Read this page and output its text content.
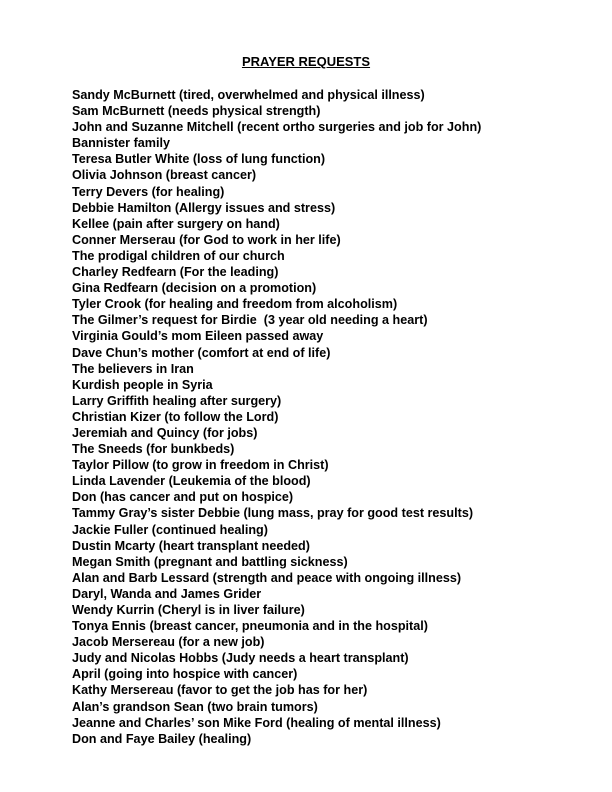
PRAYER REQUESTS
Sandy McBurnett (tired, overwhelmed and physical illness)
Sam McBurnett (needs physical strength)
John and Suzanne Mitchell (recent ortho surgeries and job for John)
Bannister family
Teresa Butler White (loss of lung function)
Olivia Johnson (breast cancer)
Terry Devers (for healing)
Debbie Hamilton (Allergy issues and stress)
Kellee (pain after surgery on hand)
Conner Merserau (for God to work in her life)
The prodigal children of our church
Charley Redfearn (For the leading)
Gina Redfearn (decision on a promotion)
Tyler Crook (for healing and freedom from alcoholism)
The Gilmer’s request for Birdie  (3 year old needing a heart)
Virginia Gould’s mom Eileen passed away
Dave Chun’s mother (comfort at end of life)
The believers in Iran
Kurdish people in Syria
Larry Griffith healing after surgery)
Christian Kizer (to follow the Lord)
Jeremiah and Quincy (for jobs)
The Sneeds (for bunkbeds)
Taylor Pillow (to grow in freedom in Christ)
Linda Lavender (Leukemia of the blood)
Don (has cancer and put on hospice)
Tammy Gray’s sister Debbie (lung mass, pray for good test results)
Jackie Fuller (continued healing)
Dustin Mcarty (heart transplant needed)
Megan Smith (pregnant and battling sickness)
Alan and Barb Lessard (strength and peace with ongoing illness)
Daryl, Wanda and James Grider
Wendy Kurrin (Cheryl is in liver failure)
Tonya Ennis (breast cancer, pneumonia and in the hospital)
Jacob Mersereau (for a new job)
Judy and Nicolas Hobbs (Judy needs a heart transplant)
April (going into hospice with cancer)
Kathy Mersereau (favor to get the job has for her)
Alan’s grandson Sean (two brain tumors)
Jeanne and Charles’ son Mike Ford (healing of mental illness)
Don and Faye Bailey (healing)
